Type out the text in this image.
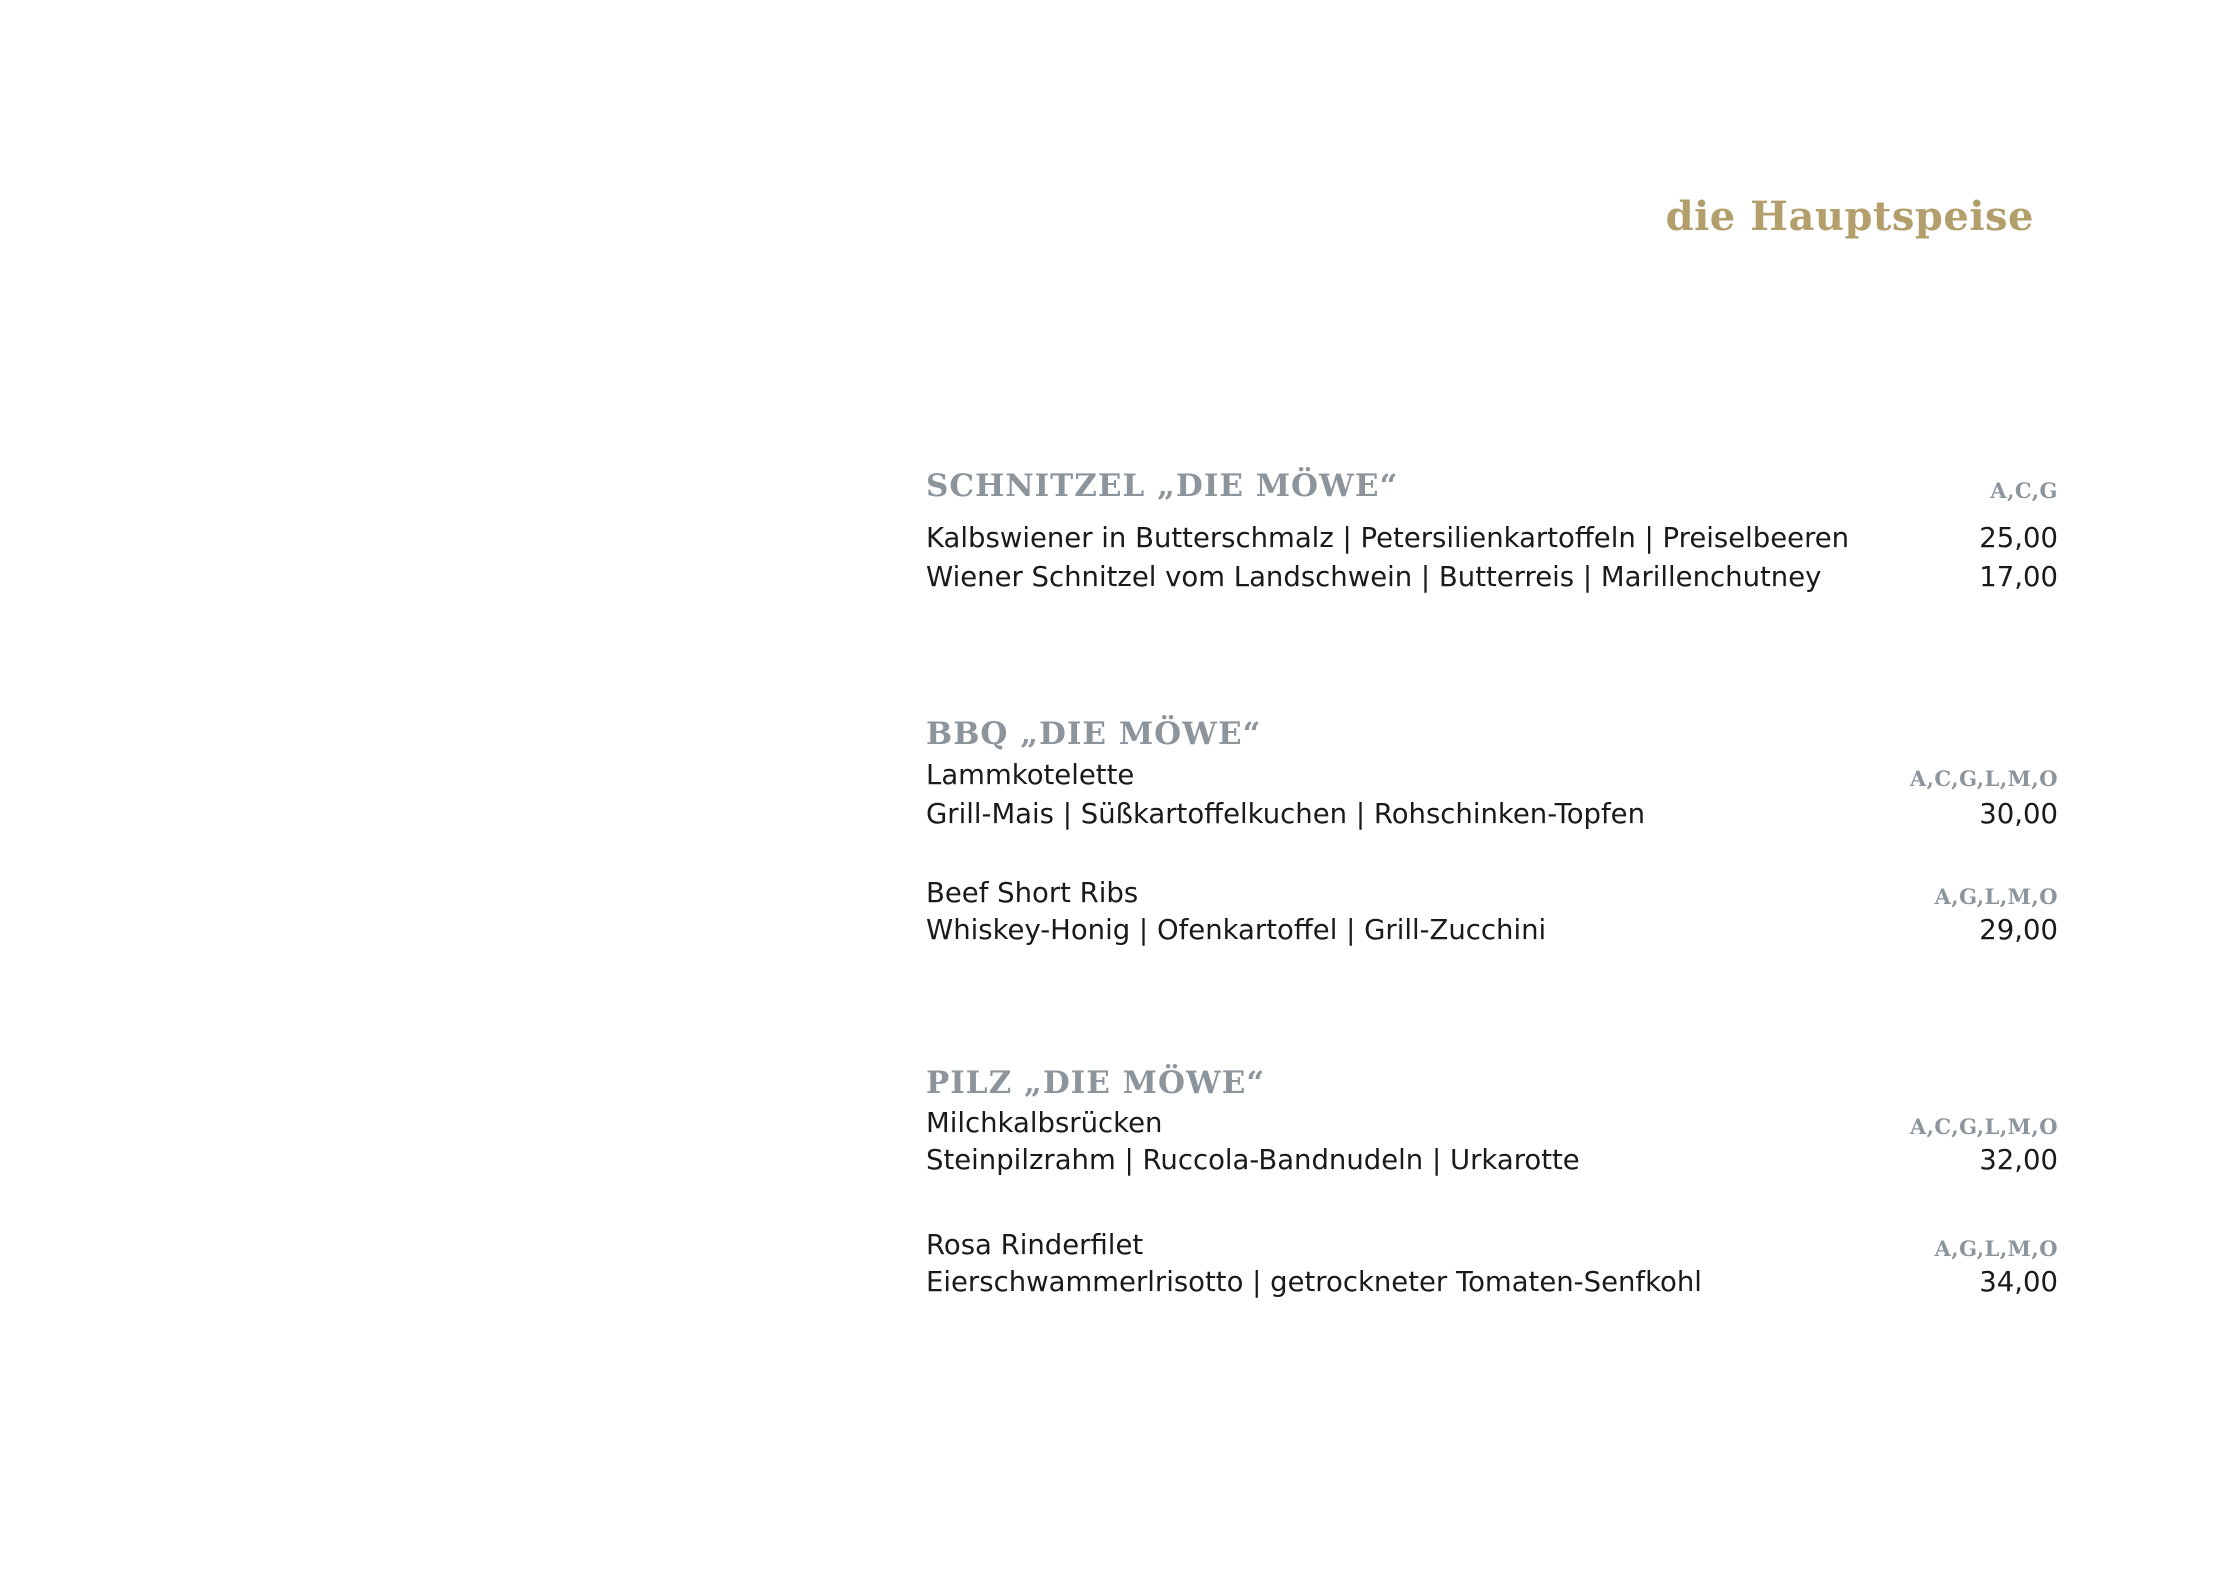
die Hauptspeise
SCHNITZEL „DIE MÖWE“	A,C,G
Kalbswiener in Butterschmalz | Petersilienkartoffeln | Preiselbeeren	25,00
Wiener Schnitzel vom Landschwein | Butterreis | Marillenchutney	17,00
BBQ „DIE MÖWE“
Lammkotelette	A,C,G,L,M,O
Grill-Mais | Süßkartoffelkuchen | Rohschinken-Topfen	30,00
Beef Short Ribs	A,G,L,M,O
Whiskey-Honig | Ofenkartoffel | Grill-Zucchini	29,00
PILZ „DIE MÖWE“
Milchkalbsrücken	A,C,G,L,M,O
Steinpilzrahm | Ruccola-Bandnudeln | Urkarotte	32,00
Rosa Rinderfilet	A,G,L,M,O
Eierschwammerlrisotto | getrockneter Tomaten-Senfkohl	34,00
